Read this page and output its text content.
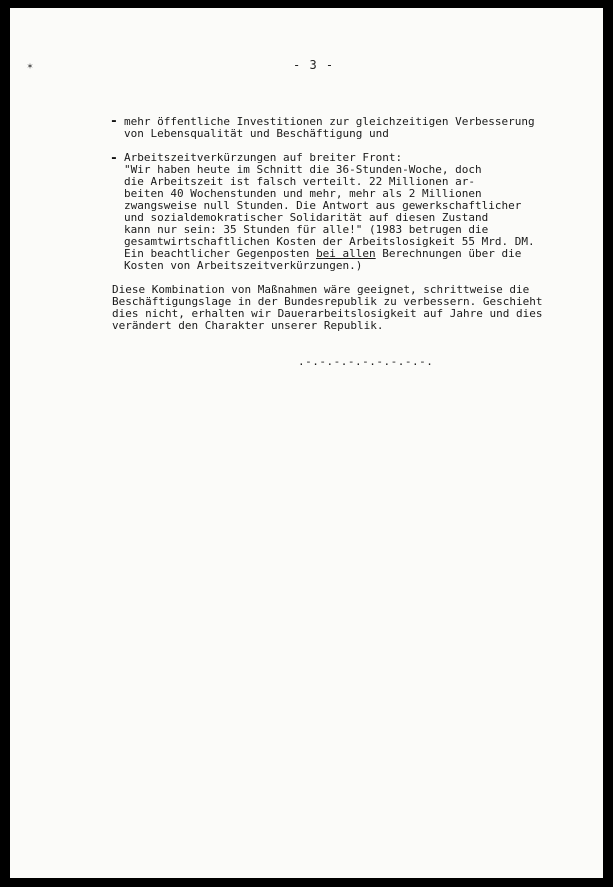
✶	- 3 -
- mehr öffentliche Investitionen zur gleichzeitigen Verbesserung
von Lebensqualität und Beschäftigung und
- Arbeitszeitverkürzungen auf breiter Front:
"Wir haben heute im Schnitt die 36-Stunden-Woche, doch
die Arbeitszeit ist falsch verteilt. 22 Millionen ar-
beiten 40 Wochenstunden und mehr, mehr als 2 Millionen
zwangsweise null Stunden. Die Antwort aus gewerkschaftlicher
und sozialdemokratischer Solidarität auf diesen Zustand
kann nur sein: 35 Stunden für alle!" (1983 betrugen die
gesamtwirtschaftlichen Kosten der Arbeitslosigkeit 55 Mrd. DM.
Ein beachtlicher Gegenposten bei allen Berechnungen über die
Kosten von Arbeitszeitverkürzungen.)
Diese Kombination von Maßnahmen wäre geeignet, schrittweise die
Beschäftigungslage in der Bundesrepublik zu verbessern. Geschieht
dies nicht, erhalten wir Dauerarbeitslosigkeit auf Jahre und dies
verändert den Charakter unserer Republik.
.-.-.-.-.-.-.-.-.-.
